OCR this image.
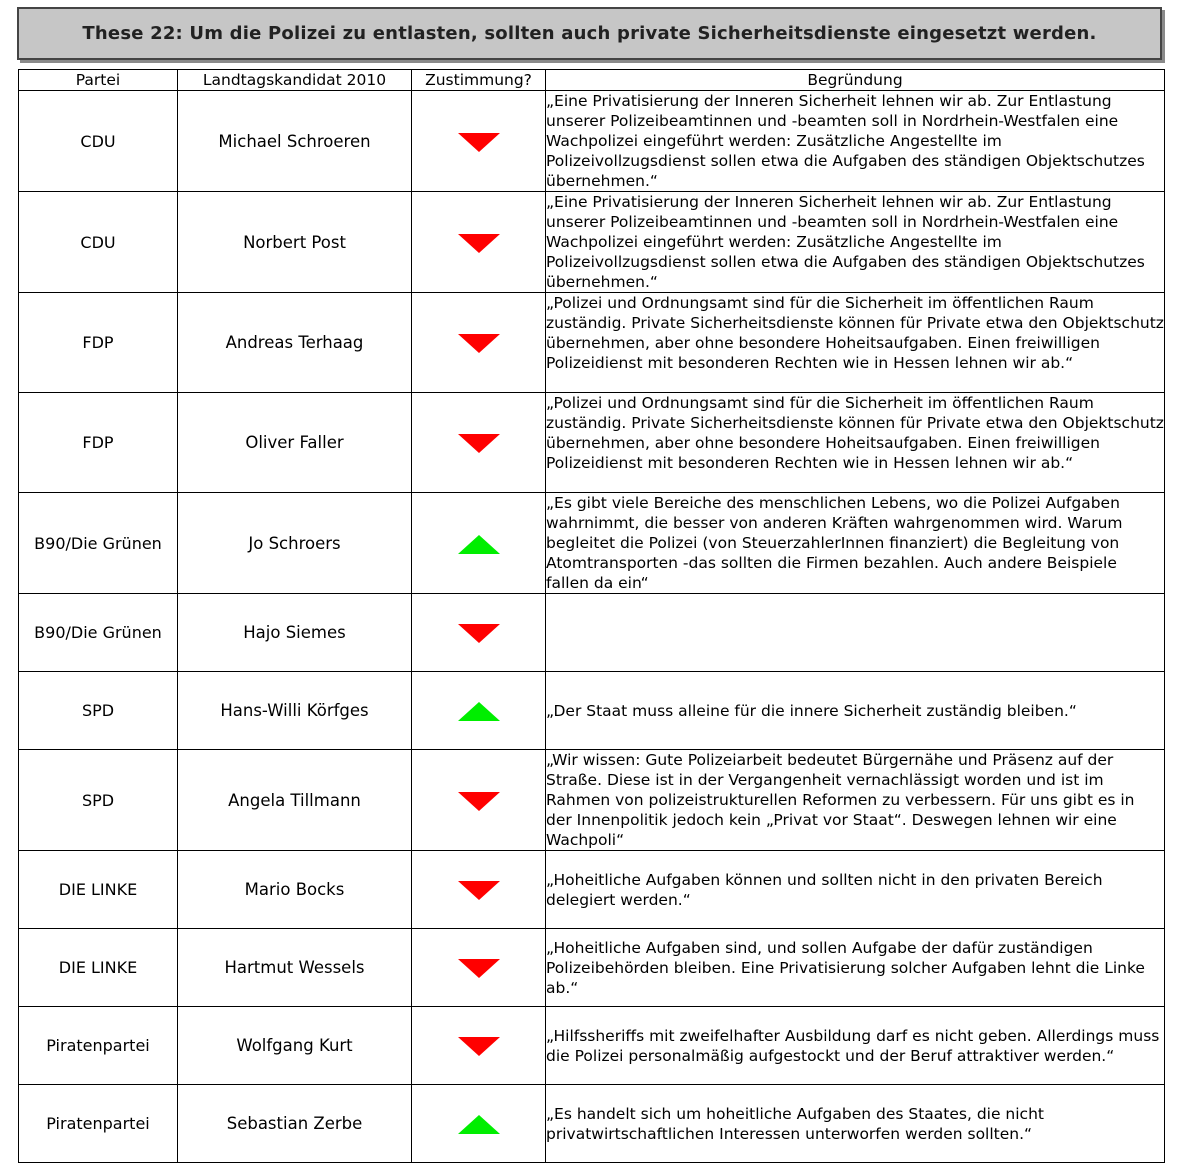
These 22: Um die Polizei zu entlasten, sollten auch private Sicherheitsdienste eingesetzt werden.
Partei	Landtagskandidat 2010	Zustimmung?	Begründung
CDU	Michael Schroeren		„Eine Privatisierung der Inneren Sicherheit lehnen wir ab. Zur Entlastung unserer Polizeibeamtinnen und -beamten soll in Nordrhein-Westfalen eine Wachpolizei eingeführt werden: Zusätzliche Angestellte im Polizeivollzugsdienst sollen etwa die Aufgaben des ständigen Objektschutzes übernehmen.“
CDU	Norbert Post		„Eine Privatisierung der Inneren Sicherheit lehnen wir ab. Zur Entlastung unserer Polizeibeamtinnen und -beamten soll in Nordrhein-Westfalen eine Wachpolizei eingeführt werden: Zusätzliche Angestellte im Polizeivollzugsdienst sollen etwa die Aufgaben des ständigen Objektschutzes übernehmen.“
FDP	Andreas Terhaag		„Polizei und Ordnungsamt sind für die Sicherheit im öffentlichen Raum zuständig. Private Sicherheitsdienste können für Private etwa den Objektschutz übernehmen, aber ohne besondere Hoheitsaufgaben. Einen freiwilligen Polizeidienst mit besonderen Rechten wie in Hessen lehnen wir ab.“
FDP	Oliver Faller		„Polizei und Ordnungsamt sind für die Sicherheit im öffentlichen Raum zuständig. Private Sicherheitsdienste können für Private etwa den Objektschutz übernehmen, aber ohne besondere Hoheitsaufgaben. Einen freiwilligen Polizeidienst mit besonderen Rechten wie in Hessen lehnen wir ab.“
B90/Die Grünen	Jo Schroers		„Es gibt viele Bereiche des menschlichen Lebens, wo die Polizei Aufgaben wahrnimmt, die besser von anderen Kräften wahrgenommen wird. Warum begleitet die Polizei (von SteuerzahlerInnen finanziert) die Begleitung von Atomtransporten -das sollten die Firmen bezahlen. Auch andere Beispiele fallen da ein“
B90/Die Grünen	Hajo Siemes		
SPD	Hans-Willi Körfges		„Der Staat muss alleine für die innere Sicherheit zuständig bleiben.“
SPD	Angela Tillmann		„Wir wissen: Gute Polizeiarbeit bedeutet Bürgernähe und Präsenz auf der Straße. Diese ist in der Vergangenheit vernachlässigt worden und ist im Rahmen von polizeistrukturellen Reformen zu verbessern. Für uns gibt es in der Innenpolitik jedoch kein „Privat vor Staat“. Deswegen lehnen wir eine Wachpoli“
DIE LINKE	Mario Bocks		„Hoheitliche Aufgaben können und sollten nicht in den privaten Bereich delegiert werden.“
DIE LINKE	Hartmut Wessels		„Hoheitliche Aufgaben sind, und sollen Aufgabe der dafür zuständigen Polizeibehörden bleiben. Eine Privatisierung solcher Aufgaben lehnt die Linke ab.“
Piratenpartei	Wolfgang Kurt		„Hilfssheriffs mit zweifelhafter Ausbildung darf es nicht geben. Allerdings muss die Polizei personalmäßig aufgestockt und der Beruf attraktiver werden.“
Piratenpartei	Sebastian Zerbe		„Es handelt sich um hoheitliche Aufgaben des Staates, die nicht privatwirtschaftlichen Interessen unterworfen werden sollten.“
